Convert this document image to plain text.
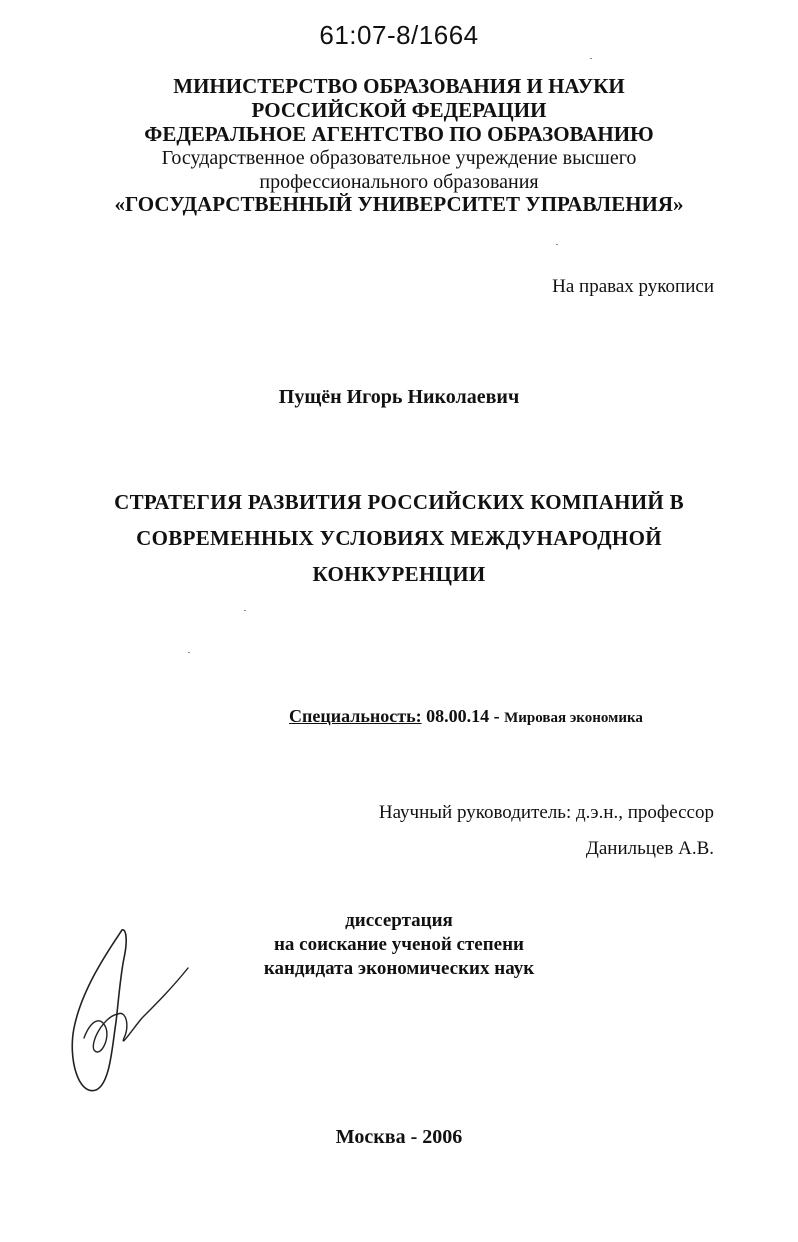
61:07-8/1664
МИНИСТЕРСТВО ОБРАЗОВАНИЯ И НАУКИ
РОССИЙСКОЙ ФЕДЕРАЦИИ
ФЕДЕРАЛЬНОЕ АГЕНТСТВО ПО ОБРАЗОВАНИЮ
Государственное образовательное учреждение высшего
профессионального образования
«ГОСУДАРСТВЕННЫЙ УНИВЕРСИТЕТ УПРАВЛЕНИЯ»
На правах рукописи
Пущён Игорь Николаевич
СТРАТЕГИЯ РАЗВИТИЯ РОССИЙСКИХ КОМПАНИЙ В
СОВРЕМЕННЫХ УСЛОВИЯХ МЕЖДУНАРОДНОЙ
КОНКУРЕНЦИИ
Специальность: 08.00.14 - Мировая экономика
Научный руководитель: д.э.н., профессор
Данильцев А.В.
диссертация
на соискание ученой степени
кандидата экономических наук
Москва - 2006
